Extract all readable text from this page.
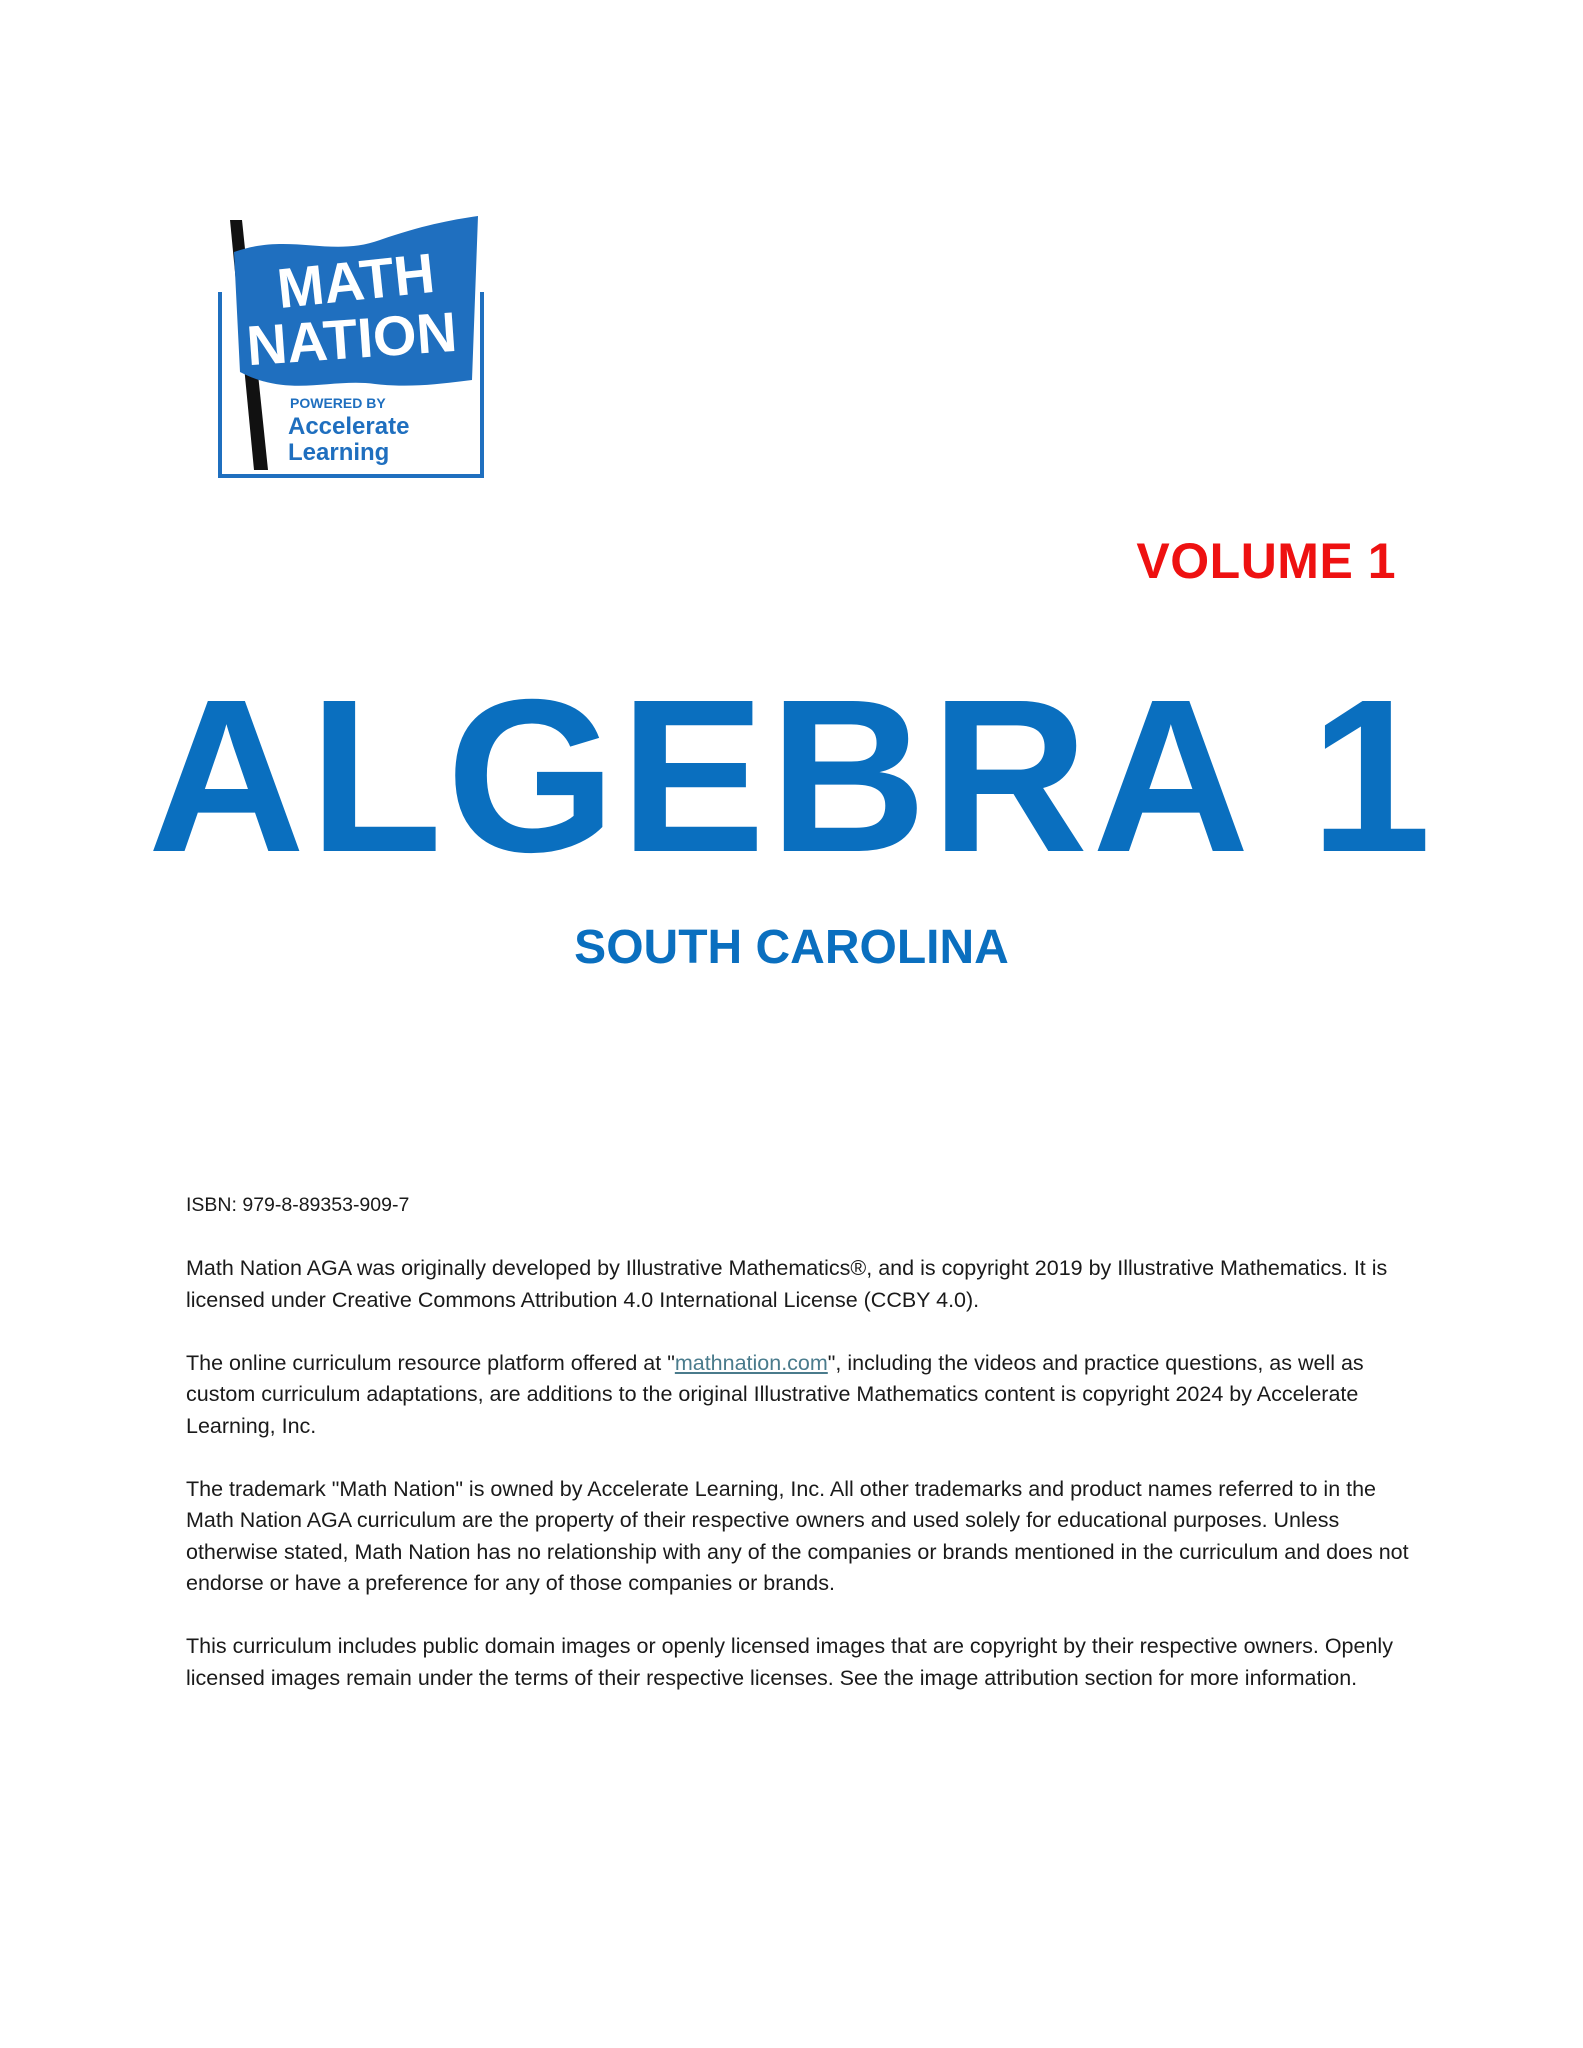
MATH
NATION
POWERED BY
Accelerate
Learning
VOLUME 1
ALGEBRA 1
SOUTH CAROLINA

ISBN: 979-8-89353-909-7

Math Nation AGA was originally developed by Illustrative Mathematics®, and is copyright 2019 by Illustrative Mathematics. It is licensed under Creative Commons Attribution 4.0 International License (CCBY 4.0).

The online curriculum resource platform offered at "mathnation.com", including the videos and practice questions, as well as custom curriculum adaptations, are additions to the original Illustrative Mathematics content is copyright 2024 by Accelerate Learning, Inc.

The trademark "Math Nation" is owned by Accelerate Learning, Inc. All other trademarks and product names referred to in the Math Nation AGA curriculum are the property of their respective owners and used solely for educational purposes. Unless otherwise stated, Math Nation has no relationship with any of the companies or brands mentioned in the curriculum and does not endorse or have a preference for any of those companies or brands.

This curriculum includes public domain images or openly licensed images that are copyright by their respective owners. Openly licensed images remain under the terms of their respective licenses. See the image attribution section for more information.
